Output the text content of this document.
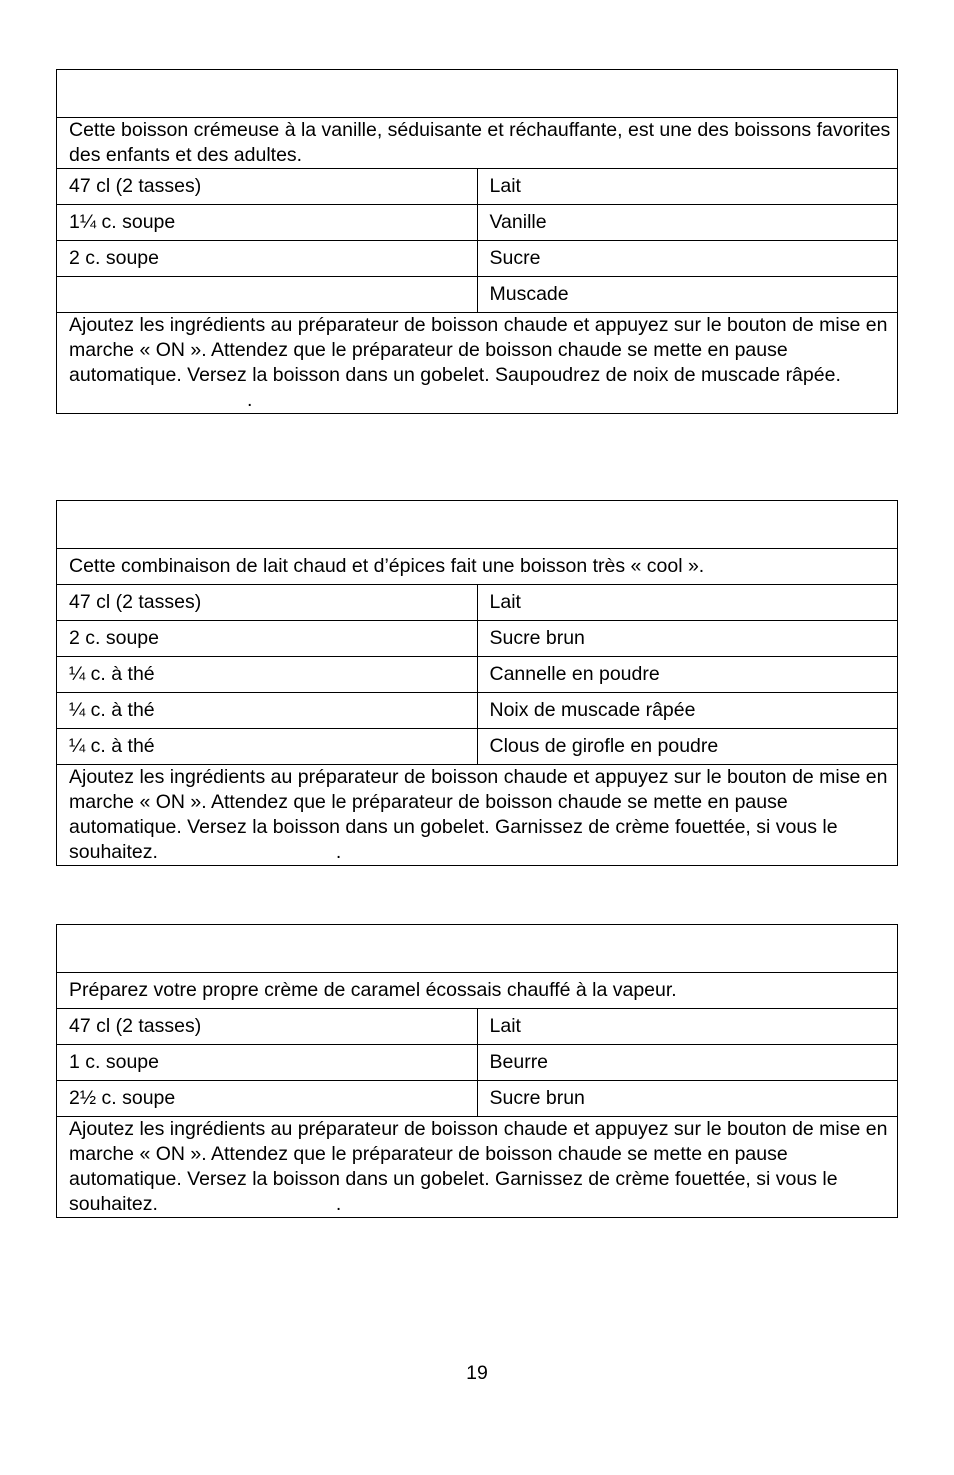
Cette boisson crémeuse à la vanille, séduisante et réchauffante, est une des boissons favorites des enfants et des adultes.	
47 cl (2 tasses)	Lait
1¼ c. soupe	Vanille
2 c. soupe	Sucre
	Muscade
Ajoutez les ingrédients au préparateur de boisson chaude et appuyez sur le bouton de mise en marche « ON ». Attendez que le préparateur de boisson chaude se mette en pause automatique. Versez la boisson dans un gobelet. Saupoudrez de noix de muscade râpée..	

Cette combinaison de lait chaud et d’épices fait une boisson très « cool ».	
47 cl (2 tasses)	Lait
2 c. soupe	Sucre brun
¼ c. à thé	Cannelle en poudre
¼ c. à thé	Noix de muscade râpée
¼ c. à thé	Clous de girofle en poudre
Ajoutez les ingrédients au préparateur de boisson chaude et appuyez sur le bouton de mise en marche « ON ». Attendez que le préparateur de boisson chaude se mette en pause automatique. Versez la boisson dans un gobelet. Garnissez de crème fouettée, si vous le souhaitez. .	

Préparez votre propre crème de caramel écossais chauffé à la vapeur.	
47 cl (2 tasses)	Lait
1 c. soupe	Beurre
2½ c. soupe	Sucre brun
Ajoutez les ingrédients au préparateur de boisson chaude et appuyez sur le bouton de mise en marche « ON ». Attendez que le préparateur de boisson chaude se mette en pause automatique. Versez la boisson dans un gobelet. Garnissez de crème fouettée, si vous le souhaitez. .	
19
